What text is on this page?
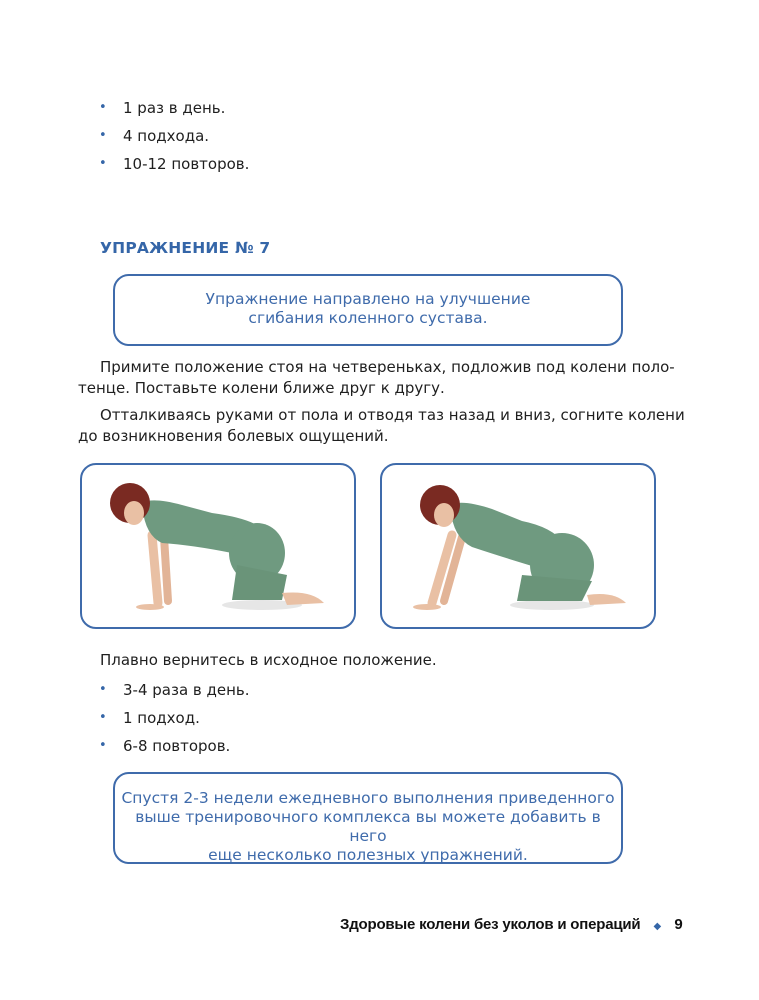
• 1 раз в день.
• 4 подхода.
• 10-12 повторов.
УПРАЖНЕНИЕ № 7
Упражнение направлено на улучшение
сгибания коленного сустава.
Примите положение стоя на четвереньках, подложив под колени поло-
тенце. Поставьте колени ближе друг к другу.
Отталкиваясь руками от пола и отводя таз назад и вниз, согните колени
до возникновения болевых ощущений.
Плавно вернитесь в исходное положение.
• 3-4 раза в день.
• 1 подход.
• 6-8 повторов.
Спустя 2-3 недели ежедневного выполнения приведенного
выше тренировочного комплекса вы можете добавить в него
еще несколько полезных упражнений.
Здоровые колени без уколов и операций ◆ 9
